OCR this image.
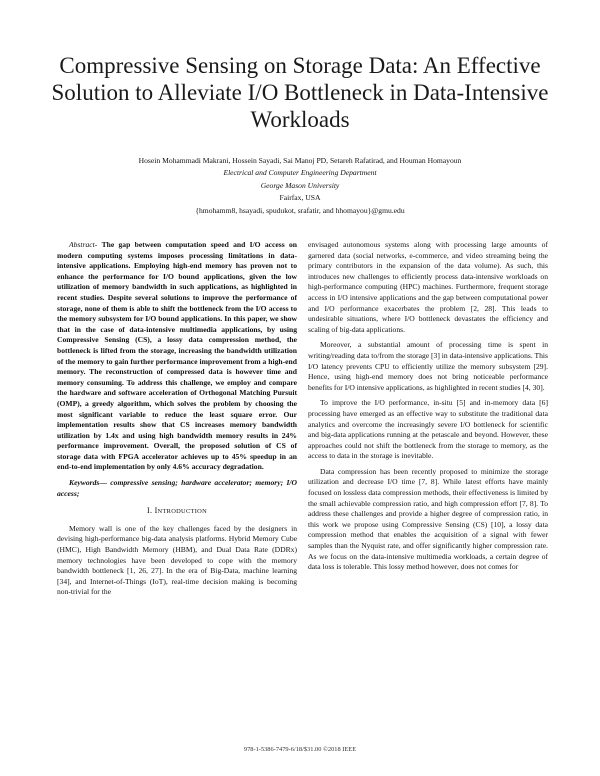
Compressive Sensing on Storage Data: An Effective Solution to Alleviate I/O Bottleneck in Data-Intensive Workloads
Hosein Mohammadi Makrani, Hossein Sayadi, Sai Manoj PD, Setareh Rafatirad, and Houman Homayoun
Electrical and Computer Engineering Department
George Mason University
Fairfax, USA
{hmohamm8, hsayadi, spudukot, srafatir, and hhomayou}@gmu.edu

Abstract- The gap between computation speed and I/O access on modern computing systems imposes processing limitations in data-intensive applications. Employing high-end memory has proven not to enhance the performance for I/O bound applications, given the low utilization of memory bandwidth in such applications, as highlighted in recent studies. Despite several solutions to improve the performance of storage, none of them is able to shift the bottleneck from the I/O access to the memory subsystem for I/O bound applications. In this paper, we show that in the case of data-intensive multimedia applications, by using Compressive Sensing (CS), a lossy data compression method, the bottleneck is lifted from the storage, increasing the bandwidth utilization of the memory to gain further performance improvement from a high-end memory. The reconstruction of compressed data is however time and memory consuming. To address this challenge, we employ and compare the hardware and software acceleration of Orthogonal Matching Pursuit (OMP), a greedy algorithm, which solves the problem by choosing the most significant variable to reduce the least square error. Our implementation results show that CS increases memory bandwidth utilization by 1.4x and using high bandwidth memory results in 24% performance improvement. Overall, the proposed solution of CS of storage data with FPGA accelerator achieves up to 45% speedup in an end-to-end implementation by only 4.6% accuracy degradation.

Keywords— compressive sensing; hardware accelerator; memory; I/O access;

I. INTRODUCTION

Memory wall is one of the key challenges faced by the designers in devising high-performance big-data analysis platforms. Hybrid Memory Cube (HMC), High Bandwidth Memory (HBM), and Dual Data Rate (DDRx) memory technologies have been developed to cope with the memory bandwidth bottleneck [1, 26, 27]. In the era of Big-Data, machine learning [34], and Internet-of-Things (IoT), real-time decision making is becoming non-trivial for the

envisaged autonomous systems along with processing large amounts of garnered data (social networks, e-commerce, and video streaming being the primary contributors in the expansion of the data volume). As such, this introduces new challenges to efficiently process data-intensive workloads on high-performance computing (HPC) machines. Furthermore, frequent storage access in I/O intensive applications and the gap between computational power and I/O performance exacerbates the problem [2, 28]. This leads to undesirable situations, where I/O bottleneck devastates the efficiency and scaling of big-data applications.

Moreover, a substantial amount of processing time is spent in writing/reading data to/from the storage [3] in data-intensive applications. This I/O latency prevents CPU to efficiently utilize the memory subsystem [29]. Hence, using high-end memory does not bring noticeable performance benefits for I/O intensive applications, as highlighted in recent studies [4, 30].

To improve the I/O performance, in-situ [5] and in-memory data [6] processing have emerged as an effective way to substitute the traditional data analytics and overcome the increasingly severe I/O bottleneck for scientific and big-data applications running at the petascale and beyond. However, these approaches could not shift the bottleneck from the storage to memory, as the access to data in the storage is inevitable.

Data compression has been recently proposed to minimize the storage utilization and decrease I/O time [7, 8]. While latest efforts have mainly focused on lossless data compression methods, their effectiveness is limited by the small achievable compression ratio, and high compression effort [7, 8]. To address these challenges and provide a higher degree of compression ratio, in this work we propose using Compressive Sensing (CS) [10], a lossy data compression method that enables the acquisition of a signal with fewer samples than the Nyquist rate, and offer significantly higher compression rate. As we focus on the data-intensive multimedia workloads, a certain degree of data loss is tolerable. This lossy method however, does not comes for

978-1-5386-7479-6/18/$31.00 ©2018 IEEE
